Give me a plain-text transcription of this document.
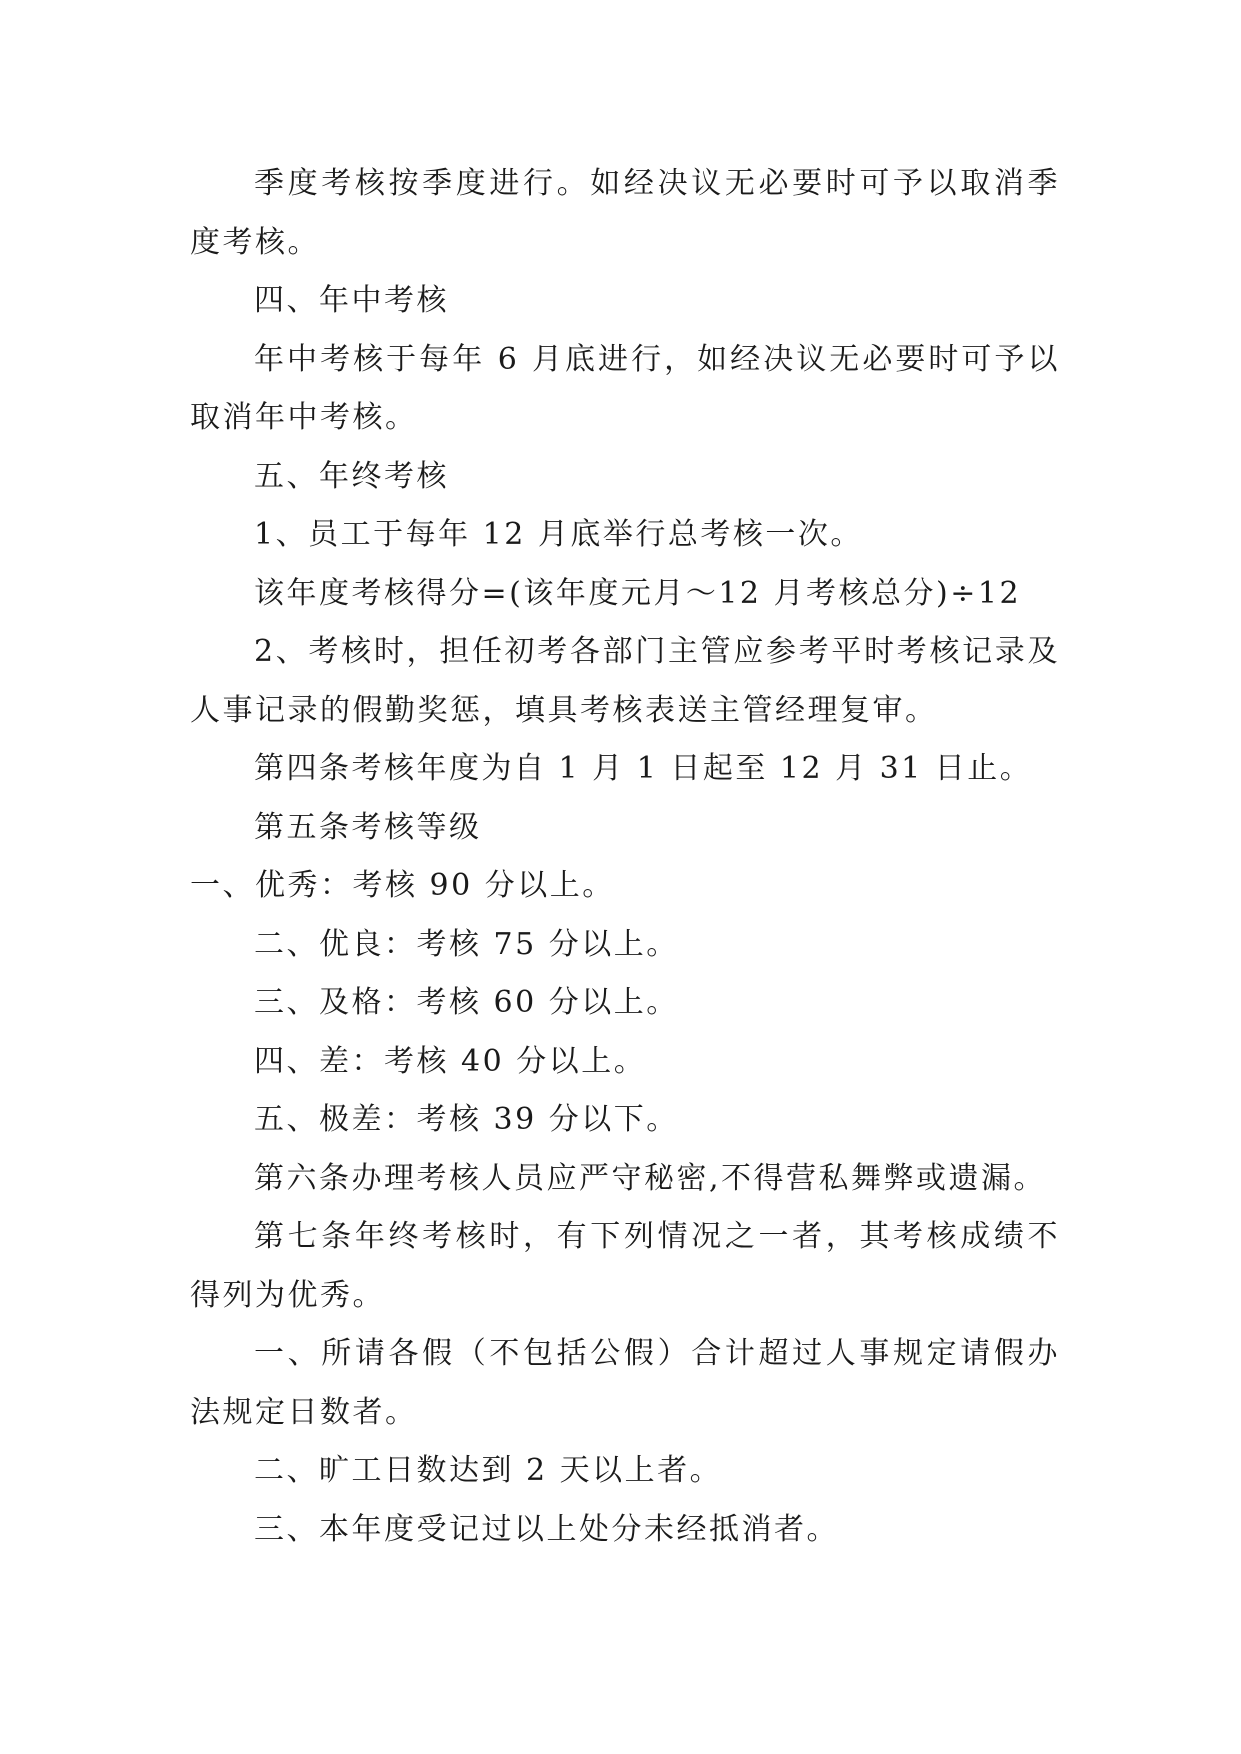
季度考核按季度进行。如经决议无必要时可予以取消季度考核。

四、年中考核

年中考核于每年 6 月底进行，如经决议无必要时可予以取消年中考核。

五、年终考核

1、员工于每年 12 月底举行总考核一次。

该年度考核得分=(该年度元月～12 月考核总分)÷12

2、考核时，担任初考各部门主管应参考平时考核记录及人事记录的假勤奖惩，填具考核表送主管经理复审。

第四条考核年度为自 1 月 1 日起至 12 月 31 日止。

第五条考核等级

一、优秀：考核 90 分以上。

二、优良：考核 75 分以上。

三、及格：考核 60 分以上。

四、差：考核 40 分以上。

五、极差：考核 39 分以下。

第六条办理考核人员应严守秘密,不得营私舞弊或遗漏。

第七条年终考核时，有下列情况之一者，其考核成绩不得列为优秀。

一、所请各假（不包括公假）合计超过人事规定请假办法规定日数者。

二、旷工日数达到 2 天以上者。

三、本年度受记过以上处分未经抵消者。
